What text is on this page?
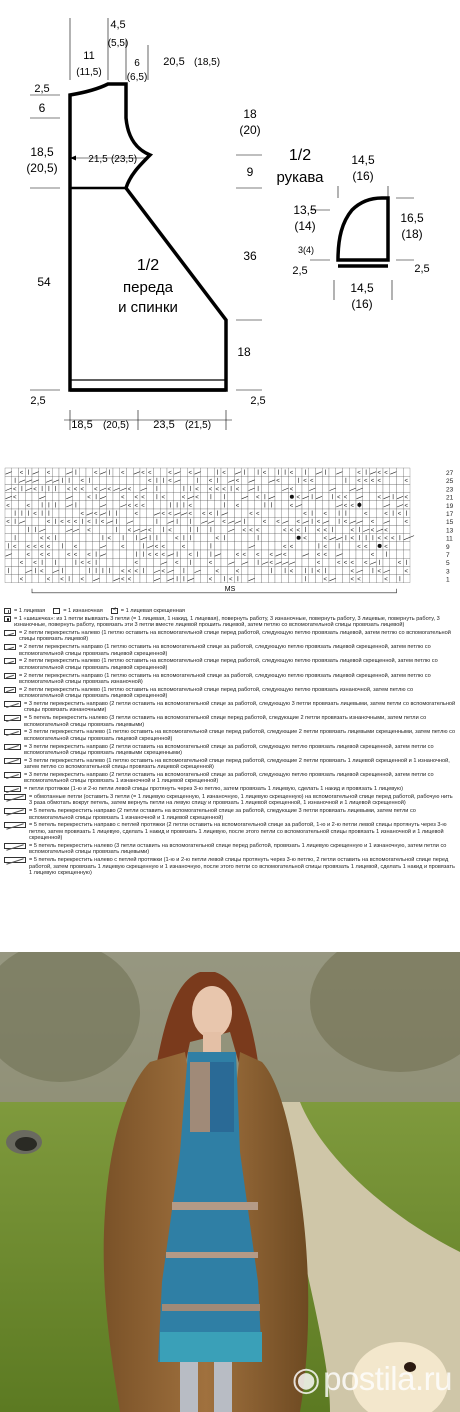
4,5
(5,5)
11
(11,5)
6
(6,5)
20,5 (18,5)
2,5
6
18,5
(20,5)
54
2,5
21,5 (23,5)
18
(20)
9
36
18
2,5
18,5 (20,5) 23,5 (21,5)
1/2
переда
и спинки
1/2
рукава
14,5
(16)
13,5
(14)
16,5
(18)
3(4)
2,5	2,5
14,5
(16)
<	<	<	<	< <	<	<	<	<	<	<	< <
<	<	<	<	<	<	< <	< < < <	<
<	<	< < < < <	<	< < < < <	<
<	<	< < <	<	< <	<	<	< <	<	<
<	<	< < <	<	<	<	< <	<
<	< <	<	< <	< < <	< <	<	<	<	< <
<	< < < < < <	<	< <	<	<	<	<	<
<	<	<	<	< < <	< < <	< <	<	< <
< <	<	<	<	<	<	<	< < <
< < < < <	<	<	< <	<	< <	<	< <	<
< < <	< < <	< < <	<	< < < < <	< <	<
< <	< <	<	<	<	<	<	< < < <	<
<	< < <	<	<	<	<	<	<	<	<
<	< <	<	< <	<	<	<	< <	<
27
25
23
21
19
17
15
13
11
9
7
5
3
1
MS
= 1 лицевая	= 1 изнаночная
<	= 1 лицевая скрещенная
= 1 «шишечка»: из 1 петли вывязать 3 петли (= 1 лицевая, 1 накид, 1 лицевая), повернуть работу, 3 изнаночные, повернуть работу, 3 лицевые, повернуть работу, 3 изнаночные, повернуть работу, провязать эти 3 петли вместе лицевой прошить лицевой, затем петлю со вспомогательной спицы провязать лицевой)
= 2 петли перекрестить налево (1 петлю оставить на вспомогательной спице перед работой, следующую петлю провязать лицевой, затем петлю со вспомогательной спицы провязать лицевой)
= 2 петли перекрестить направо (1 петлю оставить на вспомогательной спице за работой, следующую петлю провязать лицевой скрещенной, затем петлю со вспомогательной спицы провязать лицевой скрещенной)
= 2 петли перекрестить налево (1 петлю оставить на вспомогательной спице перед работой, следующую петлю провязать лицевой скрещенной, затем петлю со вспомогательной спицы провязать лицевой скрещенной)
= 2 петли перекрестить направо (1 петлю оставить на вспомогательной спице за работой, следующую петлю провязать лицевой скрещенной, затем петлю со вспомогательной спицы провязать изнаночной)
= 2 петли перекрестить налево (1 петлю оставить на вспомогательной спице перед работой, следующую петлю провязать изнаночной, затем петлю со вспомогательной спицы провязать лицевой скрещенной)
= 3 петли перекрестить направо (2 петли оставить на вспомогательной спице за работой, следующую 3 петли провязать лицевыми, затем петли со вспомогательной спицы провязать изнаночными)
= 5 петель перекрестить налево (3 петли оставить на вспомогательной спице перед работой, следующие 2 петли провязать изнаночными, затем петли со вспомогательной спицы провязать лицевыми)
= 3 петли перекрестить налево (1 петлю оставить на вспомогательной спице перед работой, следующие 2 петли провязать лицевыми скрещенными, затем петлю со вспомогательной спицы провязать лицевой скрещенной)
= 3 петли перекрестить направо (2 петли оставить на вспомогательной спице за работой, следующую петлю провязать лицевой скрещенной, затем петли со вспомогательной спицы провязать лицевыми скрещенными)
= 3 петли перекрестить налево (1 петлю оставить на вспомогательной спице перед работой, следующие 2 петли провязать 1 лицевой скрещенной и 1 изнаночной, затем петлю со вспомогательной спицы провязать лицевой скрещенной)
= 3 петли перекрестить направо (2 петли оставить на вспомогательной спице за работой, следующую петлю провязать лицевой скрещенной, затем петли со вспомогательной спицы провязать 1 изнаночной и 1 лицевой скрещенной)
= петли протяжки (1-ю и 2-ю петли левой спицы протянуть через 3-ю петлю, затем провязать 1 лицевую, сделать 1 накид и провязать 1 лицевую)
= обмотанные петли (оставить 3 петли (= 1 лицевую скрещенную, 1 изнаночную, 1 лицевую скрещенную) на вспомогательной спице перед работой, рабочую нить 3 раза обмотать вокруг петель, затем вернуть петли на левую спицу и провязать 1 лицевой скрещенной, 1 изнаночной и 1 лицевой скрещенной)
= 5 петель перекрестить направо (2 петли оставить на вспомогательной спице за работой, следующие 3 петли провязать лицевыми, затем петли со вспомогательной спицы провязать 1 изнаночной и 1 лицевой скрещенной)
= 5 петель перекрестить направо с петлей протяжки (2 петли оставить на вспомогательной спице за работой, 1-ю и 2-ю петли левой спицы протянуть через 3-ю петлю, затем провязать 1 лицевую, сделать 1 накид и провязать 1 лицевую, после этого петли со вспомогательной спицы провязать 1 изнаночной и 1 лицевой скрещенной)
= 5 петель перекрестить налево (3 петли оставить на вспомогательной спице перед работой, провязать 1 лицевую скрещенную и 1 изнаночную, затем петли со вспомогательной спицы провязать лицевыми)
= 5 петель перекрестить налево с петлей протяжки (1-ю и 2-ю петли левой спицы протянуть через 3-ю петлю, 2 петли оставить на вспомогательной спице перед работой, затем провязать 1 лицевую скрещенную и 1 изнаночную, после этого петли со вспомогательной спицы провязать 1 лицевой, сделать 1 накид и провязать 1 лицевую скрещенную)
◉postila.ru
